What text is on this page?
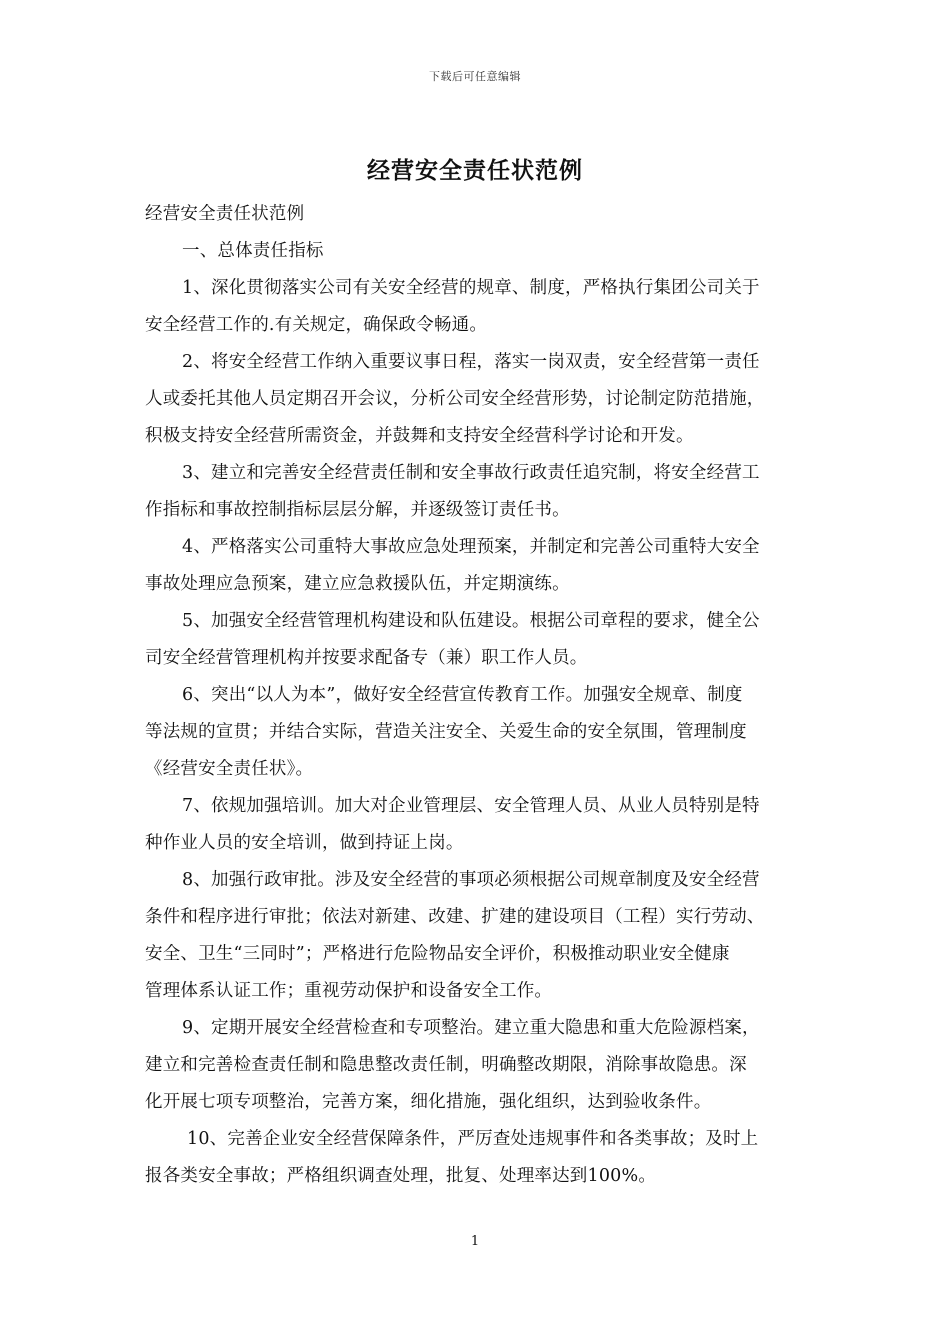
下载后可任意编辑
经营安全责任状范例
经营安全责任状范例
一、总体责任指标
1、深化贯彻落实公司有关安全经营的规章、制度，严格执行集团公司关于
安全经营工作的.有关规定，确保政令畅通。
2、将安全经营工作纳入重要议事日程，落实一岗双责，安全经营第一责任
人或委托其他人员定期召开会议，分析公司安全经营形势，讨论制定防范措施，
积极支持安全经营所需资金，并鼓舞和支持安全经营科学讨论和开发。
3、建立和完善安全经营责任制和安全事故行政责任追究制，将安全经营工
作指标和事故控制指标层层分解，并逐级签订责任书。
4、严格落实公司重特大事故应急处理预案，并制定和完善公司重特大安全
事故处理应急预案，建立应急救援队伍，并定期演练。
5、加强安全经营管理机构建设和队伍建设。根据公司章程的要求，健全公
司安全经营管理机构并按要求配备专（兼）职工作人员。
6、突出“以人为本”，做好安全经营宣传教育工作。加强安全规章、制度
等法规的宣贯；并结合实际，营造关注安全、关爱生命的安全氛围，管理制度
《经营安全责任状》。
7、依规加强培训。加大对企业管理层、安全管理人员、从业人员特别是特
种作业人员的安全培训，做到持证上岗。
8、加强行政审批。涉及安全经营的事项必须根据公司规章制度及安全经营
条件和程序进行审批；依法对新建、改建、扩建的建设项目（工程）实行劳动、
安全、卫生“三同时”；严格进行危险物品安全评价，积极推动职业安全健康
管理体系认证工作；重视劳动保护和设备安全工作。
9、定期开展安全经营检查和专项整治。建立重大隐患和重大危险源档案，
建立和完善检查责任制和隐患整改责任制，明确整改期限，消除事故隐患。深
化开展七项专项整治，完善方案，细化措施，强化组织，达到验收条件。
10、完善企业安全经营保障条件，严厉查处违规事件和各类事故；及时上
报各类安全事故；严格组织调查处理，批复、处理率达到100%。
1
